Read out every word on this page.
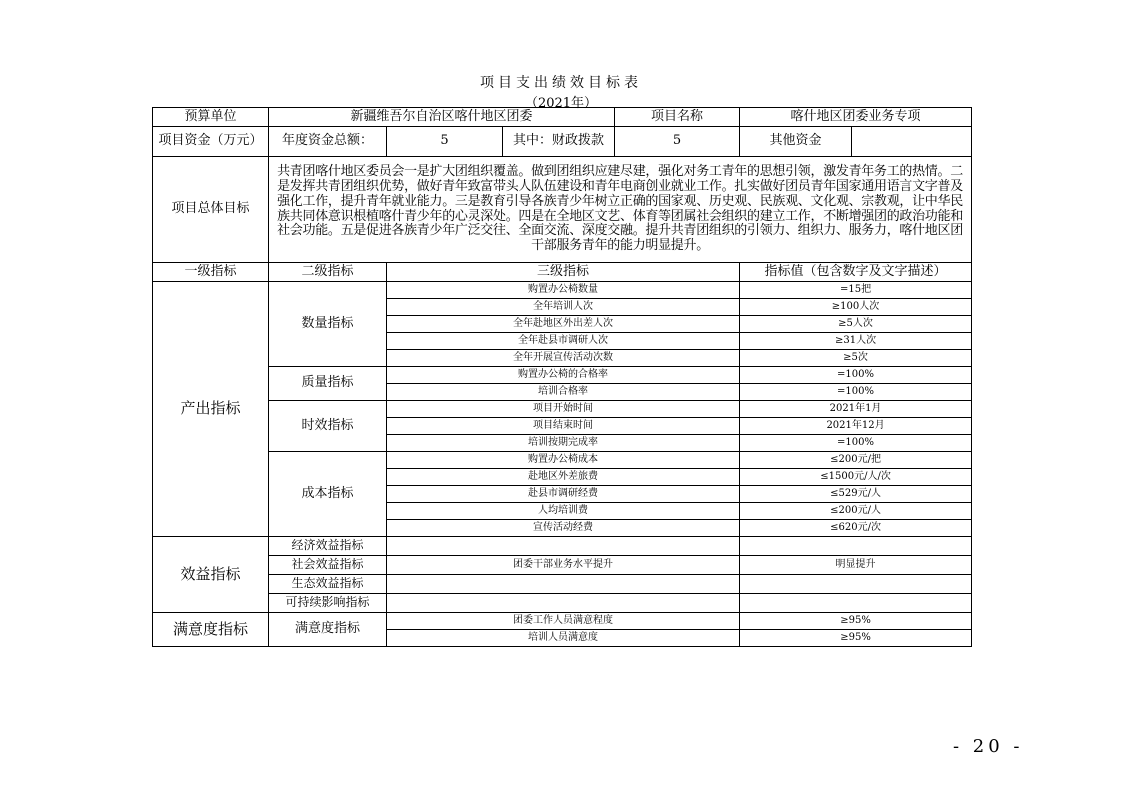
项目支出绩效目标表
（2021年）
预算单位	新疆维吾尔自治区喀什地区团委			项目名称	喀什地区团委业务专项	
项目资金（万元）	年度资金总额：	5	其中：财政拨款	5	其他资金	
项目总体目标	共青团喀什地区委员会一是扩大团组织覆盖。做到团组织应建尽建，强化对务工青年的思想引领，激发青年务工的热情。二是发挥共青团组织优势，做好青年致富带头人队伍建设和青年电商创业就业工作。扎实做好团员青年国家通用语言文字普及强化工作，提升青年就业能力。三是教育引导各族青少年树立正确的国家观、历史观、民族观、文化观、宗教观，让中华民族共同体意识根植喀什青少年的心灵深处。四是在全地区文艺、体育等团属社会组织的建立工作，不断增强团的政治功能和社会功能。五是促进各族青少年广泛交往、全面交流、深度交融。提升共青团组织的引领力、组织力、服务力，喀什地区团干部服务青年的能力明显提升。					
一级指标	二级指标	三级指标			指标值（包含数字及文字描述）	
产出指标	数量指标	购置办公椅数量			=15把	
		全年培训人次			≥100人次	
		全年赴地区外出差人次			≥5人次	
		全年赴县市调研人次			≥31人次	
		全年开展宣传活动次数			≥5次	
	质量指标	购置办公椅的合格率			=100%	
		培训合格率			=100%	
	时效指标	项目开始时间			2021年1月	
		项目结束时间			2021年12月	
		培训按期完成率			=100%	
	成本指标	购置办公椅成本			≤200元/把	
		赴地区外差旅费			≤1500元/人/次	
		赴县市调研经费			≤529元/人	
		人均培训费			≤200元/人	
		宣传活动经费			≤620元/次	
效益指标	经济效益指标					
	社会效益指标	团委干部业务水平提升			明显提升	
	生态效益指标					
	可持续影响指标					
满意度指标	满意度指标	团委工作人员满意程度			≥95%	
		培训人员满意度			≥95%	
- 20 -
